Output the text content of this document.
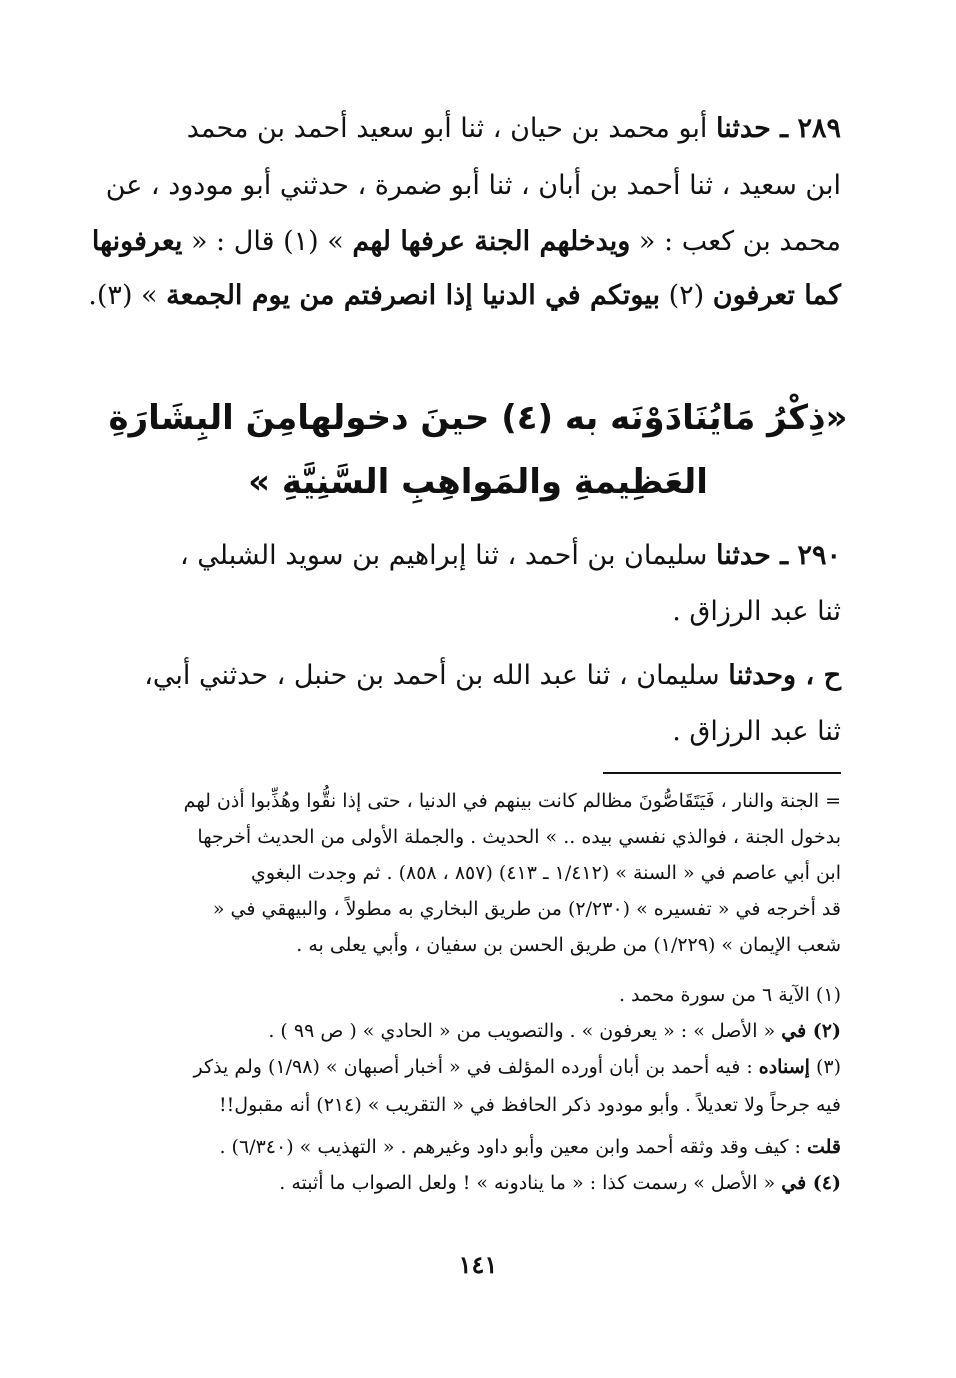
٢٨٩ ـ حدثنا أبو محمد بن حيان ، ثنا أبو سعيد أحمد بن محمد
ابن سعيد ، ثنا أحمد بن أبان ، ثنا أبو ضمرة ، حدثني أبو مودود ، عن
محمد بن كعب : « ويدخلهم الجنة عرفها لهم » (١) قال : « يعرفونها
كما تعرفون (٢) بيوتكم في الدنيا إذا انصرفتم من يوم الجمعة » (٣).
«ذِكْرُ مَايُنَادَوْنَه به (٤) حينَ دخولهامِنَ البِشَارَةِ
العَظِيمةِ والمَواهِبِ السَّنِيَّةِ »
٢٩٠ ـ حدثنا سليمان بن أحمد ، ثنا إبراهيم بن سويد الشبلي ،
ثنا عبد الرزاق .
ح ، وحدثنا سليمان ، ثنا عبد الله بن أحمد بن حنبل ، حدثني أبي،
ثنا عبد الرزاق .
= الجنة والنار ، فَيَتَقَاصُّونَ مظالم كانت بينهم في الدنيا ، حتى إذا نقُّوا وهُذِّبوا أذن لهم
بدخول الجنة ، فوالذي نفسي بيده .. » الحديث . والجملة الأولى من الحديث أخرجها
ابن أبي عاصم في « السنة » (١/٤١٢ ـ ٤١٣) (٨٥٧ ، ٨٥٨) . ثم وجدت البغوي
قد أخرجه في « تفسيره » (٢/٢٣٠) من طريق البخاري به مطولاً ، والبيهقي في «
شعب الإيمان » (١/٢٢٩) من طريق الحسن بن سفيان ، وأبي يعلى به .
(١) الآية ٦ من سورة محمد .
(٢) في « الأصل » : « يعرفون » . والتصويب من « الحادي » ( ص ٩٩ ) .
(٣) إسناده : فيه أحمد بن أبان أورده المؤلف في « أخبار أصبهان » (١/٩٨) ولم يذكر
فيه جرحاً ولا تعديلاً . وأبو مودود ذكر الحافظ في « التقريب » (٢١٤) أنه مقبول!!
قلت : كيف وقد وثقه أحمد وابن معين وأبو داود وغيرهم . « التهذيب » (٦/٣٤٠) .
(٤) في « الأصل » رسمت كذا : « ما ينادونه » ! ولعل الصواب ما أثبته .
١٤١
